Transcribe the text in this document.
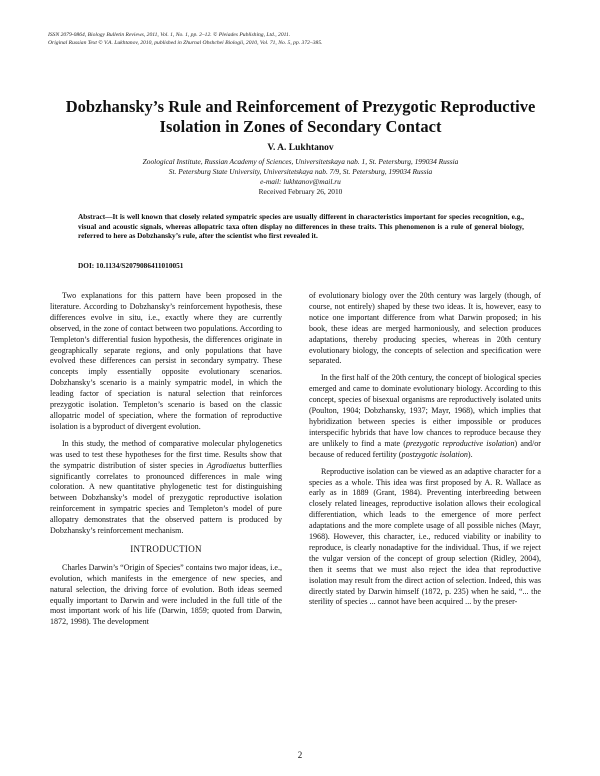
ISSN 2079-0864, Biology Bulletin Reviews, 2011, Vol. 1, No. 1, pp. 2–12. © Pleiades Publishing, Ltd., 2011.
Original Russian Text © V.A. Lukhtanov, 2010, published in Zhurnal Obshchei Biologii, 2010, Vol. 71, No. 5, pp. 372–385.
Dobzhansky’s Rule and Reinforcement of Prezygotic Reproductive Isolation in Zones of Secondary Contact
V. A. Lukhtanov
Zoological Institute, Russian Academy of Sciences, Universitetskaya nab. 1, St. Petersburg, 199034 Russia
St. Petersburg State University, Universitetskaya nab. 7/9, St. Petersburg, 199034 Russia
e-mail: lukhtanov@mail.ru
Received February 26, 2010
Abstract—It is well known that closely related sympatric species are usually different in characteristics important for species recognition, e.g., visual and acoustic signals, whereas allopatric taxa often display no differences in these traits. This phenomenon is a rule of general biology, referred to here as Dobzhansky’s rule, after the scientist who first revealed it.
DOI: 10.1134/S2079086411010051

Two explanations for this pattern have been proposed in the literature. According to Dobzhansky’s reinforcement hypothesis, these differences evolve in situ, i.e., exactly where they are currently observed, in the zone of contact between two populations. According to Templeton’s differential fusion hypothesis, the differences originate in geographically separate regions, and only populations that have evolved these differences can persist in secondary sympatry. These concepts imply essentially opposite evolutionary scenarios. Dobzhansky’s scenario is a mainly sympatric model, in which the leading factor of speciation is natural selection that reinforces prezygotic isolation. Templeton’s scenario is based on the classic allopatric model of speciation, where the formation of reproductive isolation is a byproduct of divergent evolution.

In this study, the method of comparative molecular phylogenetics was used to test these hypotheses for the first time. Results show that the sympatric distribution of sister species in Agrodiaetus butterflies significantly correlates to pronounced differences in male wing coloration. A new quantitative phylogenetic test for distinguishing between Dobzhansky’s model of prezygotic reproductive isolation reinforcement in sympatric species and Templeton’s model of pure allopatry demonstrates that the observed pattern is produced by Dobzhansky’s reinforcement mechanism.

INTRODUCTION

Charles Darwin’s “Origin of Species” contains two major ideas, i.e., evolution, which manifests in the emergence of new species, and natural selection, the driving force of evolution. Both ideas seemed equally important to Darwin and were included in the full title of the most important work of his life (Darwin, 1859; quoted from Darwin, 1872, 1998). The development

of evolutionary biology over the 20th century was largely (though, of course, not entirely) shaped by these two ideas. It is, however, easy to notice one important difference from what Darwin proposed; in his book, these ideas are merged harmoniously, and selection produces adaptations, thereby producing species, whereas in 20th century evolutionary biology, the concepts of selection and specification were separated.

In the first half of the 20th century, the concept of biological species emerged and came to dominate evolutionary biology. According to this concept, species of bisexual organisms are reproductively isolated units (Poulton, 1904; Dobzhansky, 1937; Mayr, 1968), which implies that hybridization between species is either impossible or produces interspecific hybrids that have low chances to reproduce because they are unlikely to find a mate (prezygotic reproductive isolation) and/or because of reduced fertility (postzygotic isolation).

Reproductive isolation can be viewed as an adaptive character for a species as a whole. This idea was first proposed by A. R. Wallace as early as in 1889 (Grant, 1984). Preventing interbreeding between closely related lineages, reproductive isolation allows their ecological differentiation, which leads to the emergence of more perfect adaptations and the more complete usage of all possible niches (Mayr, 1968). However, this character, i.e., reduced viability or inability to reproduce, is clearly nonadaptive for the individual. Thus, if we reject the vulgar version of the concept of group selection (Ridley, 2004), then it seems that we must also reject the idea that reproductive isolation may result from the direct action of selection. Indeed, this was directly stated by Darwin himself (1872, p. 235) when he said, “... the sterility of species ... cannot have been acquired ... by the preser-

2
